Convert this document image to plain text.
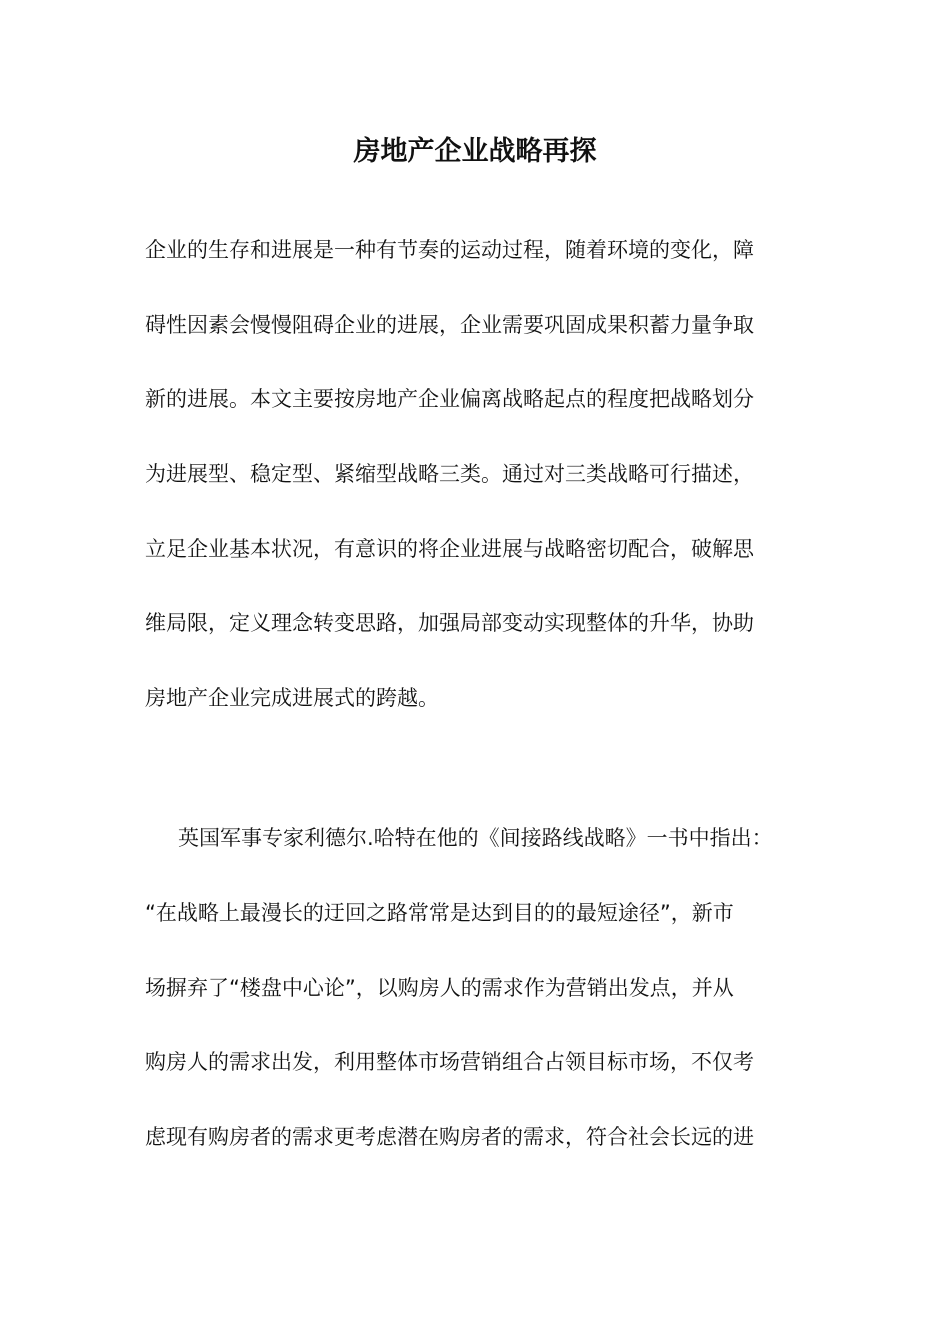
房地产企业战略再探
企业的生存和进展是一种有节奏的运动过程，随着环境的变化，障
碍性因素会慢慢阻碍企业的进展，企业需要巩固成果积蓄力量争取
新的进展。本文主要按房地产企业偏离战略起点的程度把战略划分
为进展型、稳定型、紧缩型战略三类。通过对三类战略可行描述，
立足企业基本状况，有意识的将企业进展与战略密切配合，破解思
维局限，定义理念转变思路，加强局部变动实现整体的升华，协助
房地产企业完成进展式的跨越。
英国军事专家利德尔.哈特在他的《间接路线战略》一书中指出：
“在战略上最漫长的迂回之路常常是达到目的的最短途径”，新市
场摒弃了“楼盘中心论”，以购房人的需求作为营销出发点，并从
购房人的需求出发，利用整体市场营销组合占领目标市场，不仅考
虑现有购房者的需求更考虑潜在购房者的需求，符合社会长远的进
